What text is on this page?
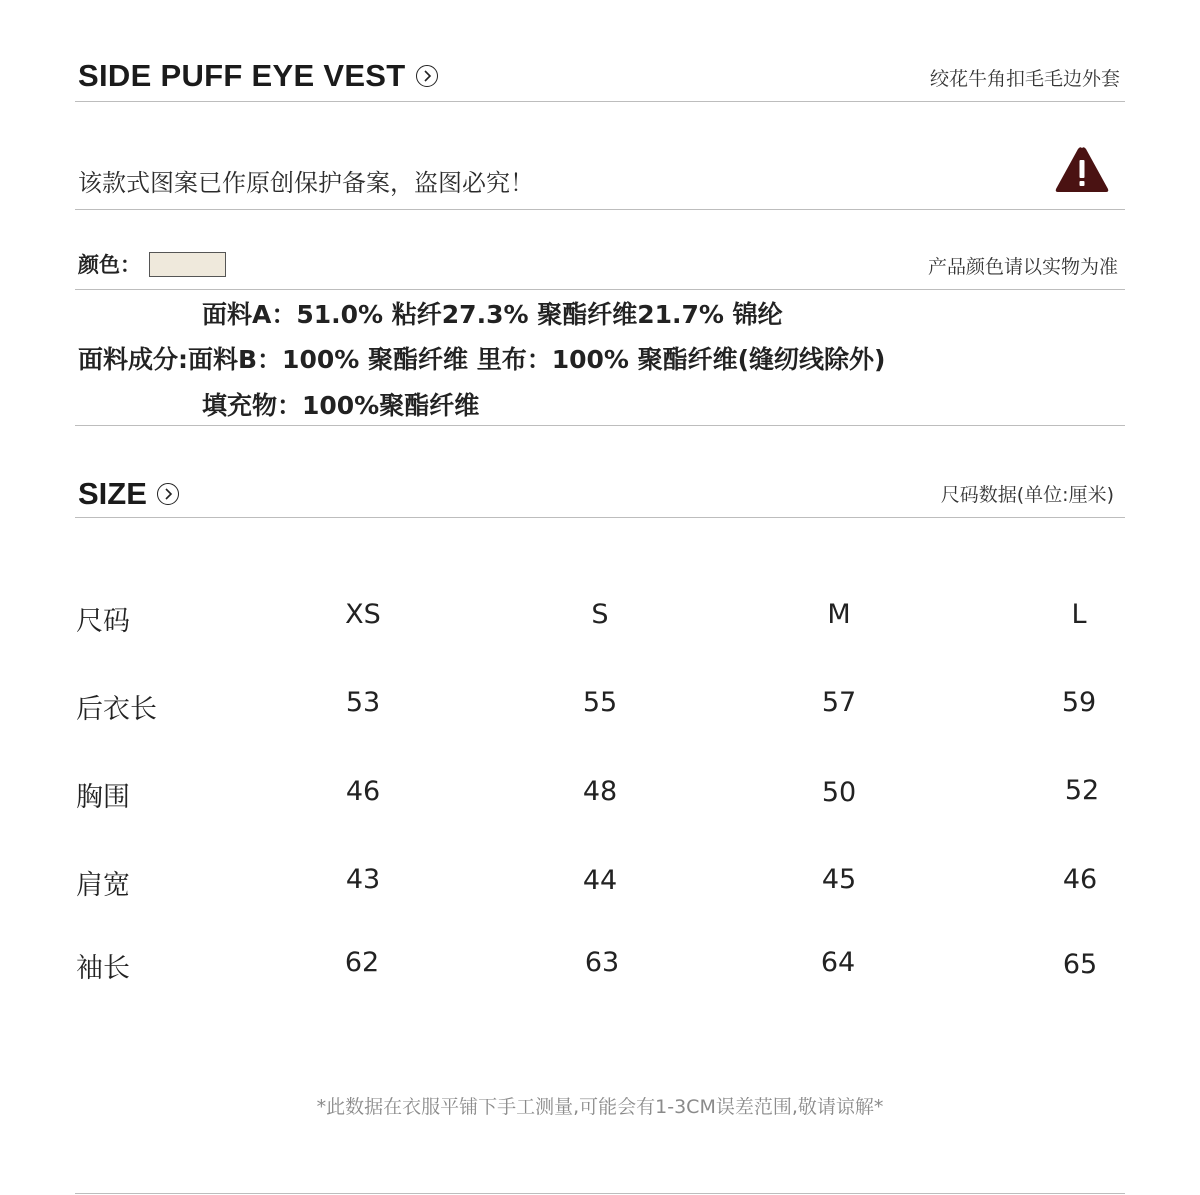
SIDE PUFF EYE VEST	绞花牛角扣毛毛边外套
该款式图案已作原创保护备案，盗图必究！
颜色：	产品颜色请以实物为准
面料A：51.0% 粘纤27.3% 聚酯纤维21.7% 锦纶
面料成分:面料B：100% 聚酯纤维 里布：100% 聚酯纤维(缝纫线除外)
填充物：100%聚酯纤维
SIZE	尺码数据(单位:厘米)
尺码	XS	S	M	L
后衣长	53	55	57	59
胸围	46	48	50	52
肩宽	43	44	45	46
袖长	62	63	64	65
*此数据在衣服平铺下手工测量,可能会有1-3CM误差范围,敬请谅解*
